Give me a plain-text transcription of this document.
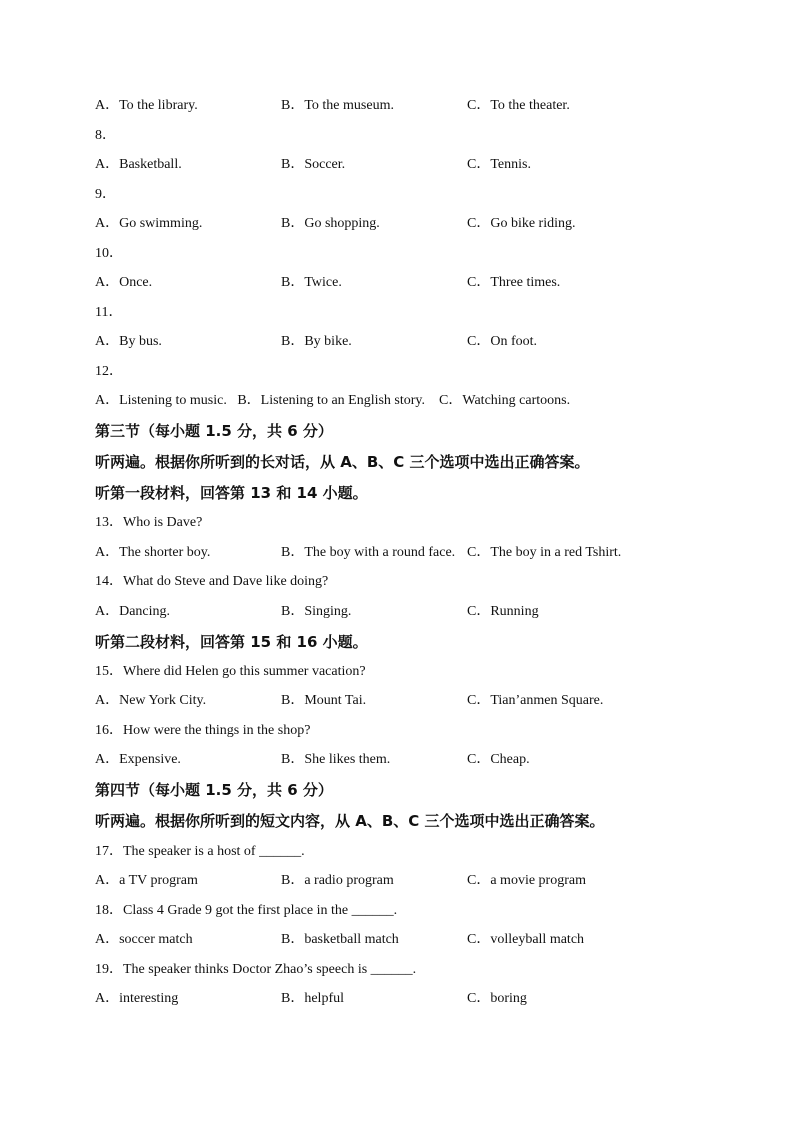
A．To the library.	B．To the museum.	C．To the theater.
8．
A．Basketball.	B．Soccer.	C．Tennis.
9．
A．Go swimming.	B．Go shopping.	C．Go bike riding.
10．
A．Once.	B．Twice.	C．Three times.
11．
A．By bus.	B．By bike.	C．On foot.
12．
A．Listening to music. B．Listening to an English story. C．Watching cartoons.
第三节（每小题 1.5 分，共 6 分）
听两遍。根据你所听到的长对话，从 A、B、C 三个选项中选出正确答案。
听第一段材料，回答第 13 和 14 小题。
13．Who is Dave?
A．The shorter boy.	B．The boy with a round face. C．The boy in a red Tshirt.
14．What do Steve and Dave like doing?
A．Dancing.	B．Singing.	C．Running
听第二段材料，回答第 15 和 16 小题。
15．Where did Helen go this summer vacation?
A．New York City.	B．Mount Tai.	C．Tian’anmen Square.
16．How were the things in the shop?
A．Expensive.	B．She likes them.	C．Cheap.
第四节（每小题 1.5 分，共 6 分）
听两遍。根据你所听到的短文内容，从 A、B、C 三个选项中选出正确答案。
17．The speaker is a host of ______.
A．a TV program	B．a radio program	C．a movie program
18．Class 4 Grade 9 got the first place in the ______.
A．soccer match	B．basketball match	C．volleyball match
19．The speaker thinks Doctor Zhao’s speech is ______.
A．interesting	B．helpful	C．boring
